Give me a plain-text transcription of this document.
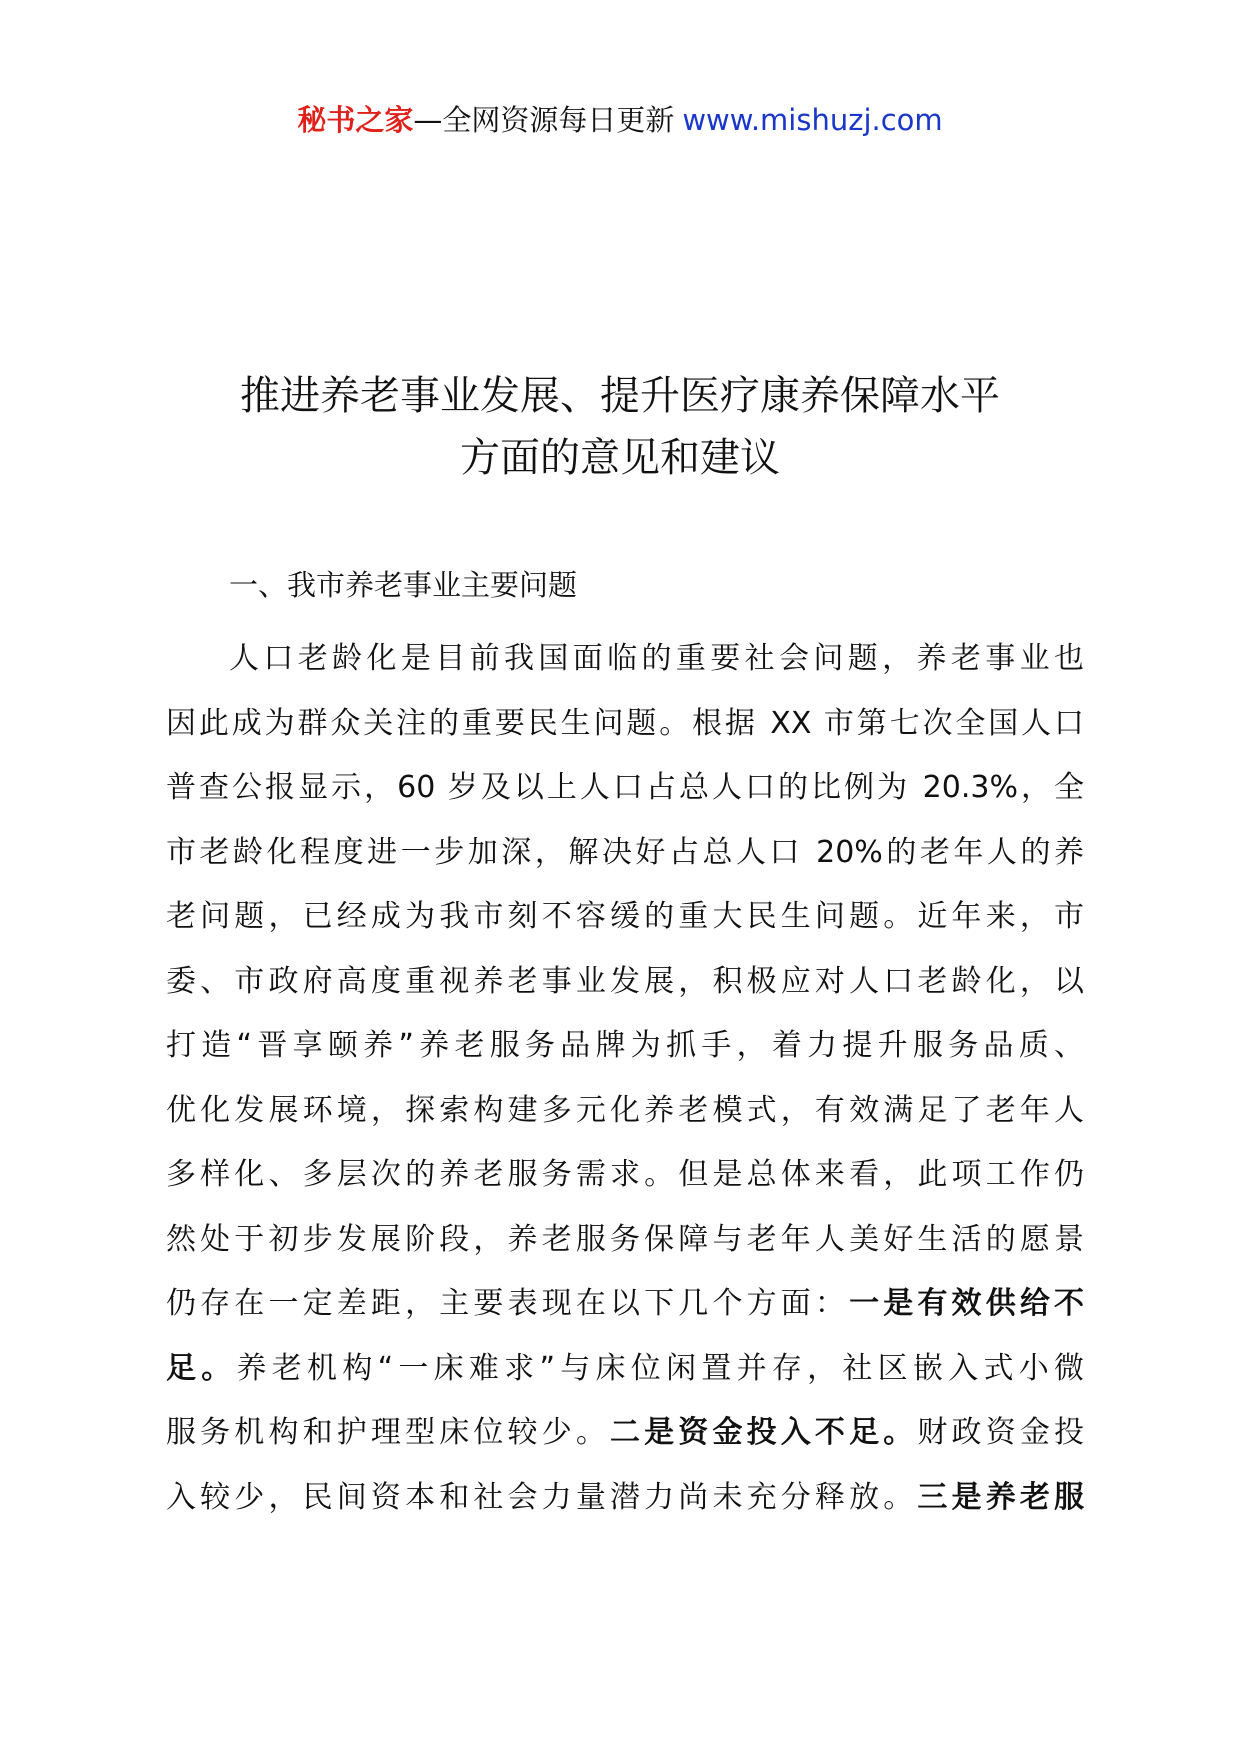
秘书之家—全网资源每日更新 www.mishuzj.com
推进养老事业发展、提升医疗康养保障水平
方面的意见和建议
一、我市养老事业主要问题
人口老龄化是目前我国面临的重要社会问题，养老事业也
因此成为群众关注的重要民生问题。根据 XX 市第七次全国人口
普查公报显示，60 岁及以上人口占总人口的比例为 20.3%，全
市老龄化程度进一步加深，解决好占总人口 20%的老年人的养
老问题，已经成为我市刻不容缓的重大民生问题。近年来，市
委、市政府高度重视养老事业发展，积极应对人口老龄化，以
打造“晋享颐养”养老服务品牌为抓手，着力提升服务品质、
优化发展环境，探索构建多元化养老模式，有效满足了老年人
多样化、多层次的养老服务需求。但是总体来看，此项工作仍
然处于初步发展阶段，养老服务保障与老年人美好生活的愿景
仍存在一定差距，主要表现在以下几个方面：一是有效供给不
足。养老机构“一床难求”与床位闲置并存，社区嵌入式小微
服务机构和护理型床位较少。二是资金投入不足。财政资金投
入较少，民间资本和社会力量潜力尚未充分释放。三是养老服
